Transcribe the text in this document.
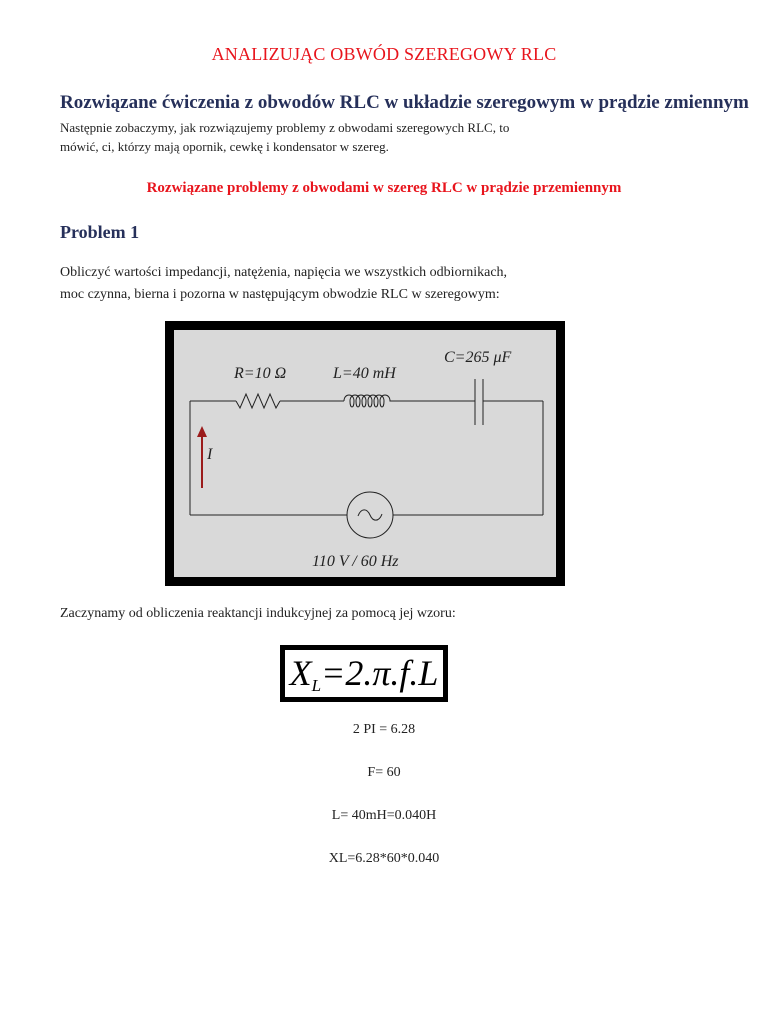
ANALIZUJĄC OBWÓD SZEREGOWY RLC
Rozwiązane ćwiczenia z obwodów RLC w układzie szeregowym w prądzie zmiennym
Następnie zobaczymy, jak rozwiązujemy problemy z obwodami szeregowych RLC, to
mówić, ci, którzy mają opornik, cewkę i kondensator w szereg.
Rozwiązane problemy z obwodami w szereg RLC w prądzie przemiennym
Problem 1
Obliczyć wartości impedancji, natężenia, napięcia we wszystkich odbiornikach,
moc czynna, bierna i pozorna w następującym obwodzie RLC w szeregowym:
R=10 Ω	L=40 mH
C=265 μF
I
110 V / 60 Hz
Zaczynamy od obliczenia reaktancji indukcyjnej za pomocą jej wzoru:
$X_L=2.\pi.f.L$
2 PI = 6.28
F= 60
L= 40mH=0.040H
XL=6.28*60*0.040
